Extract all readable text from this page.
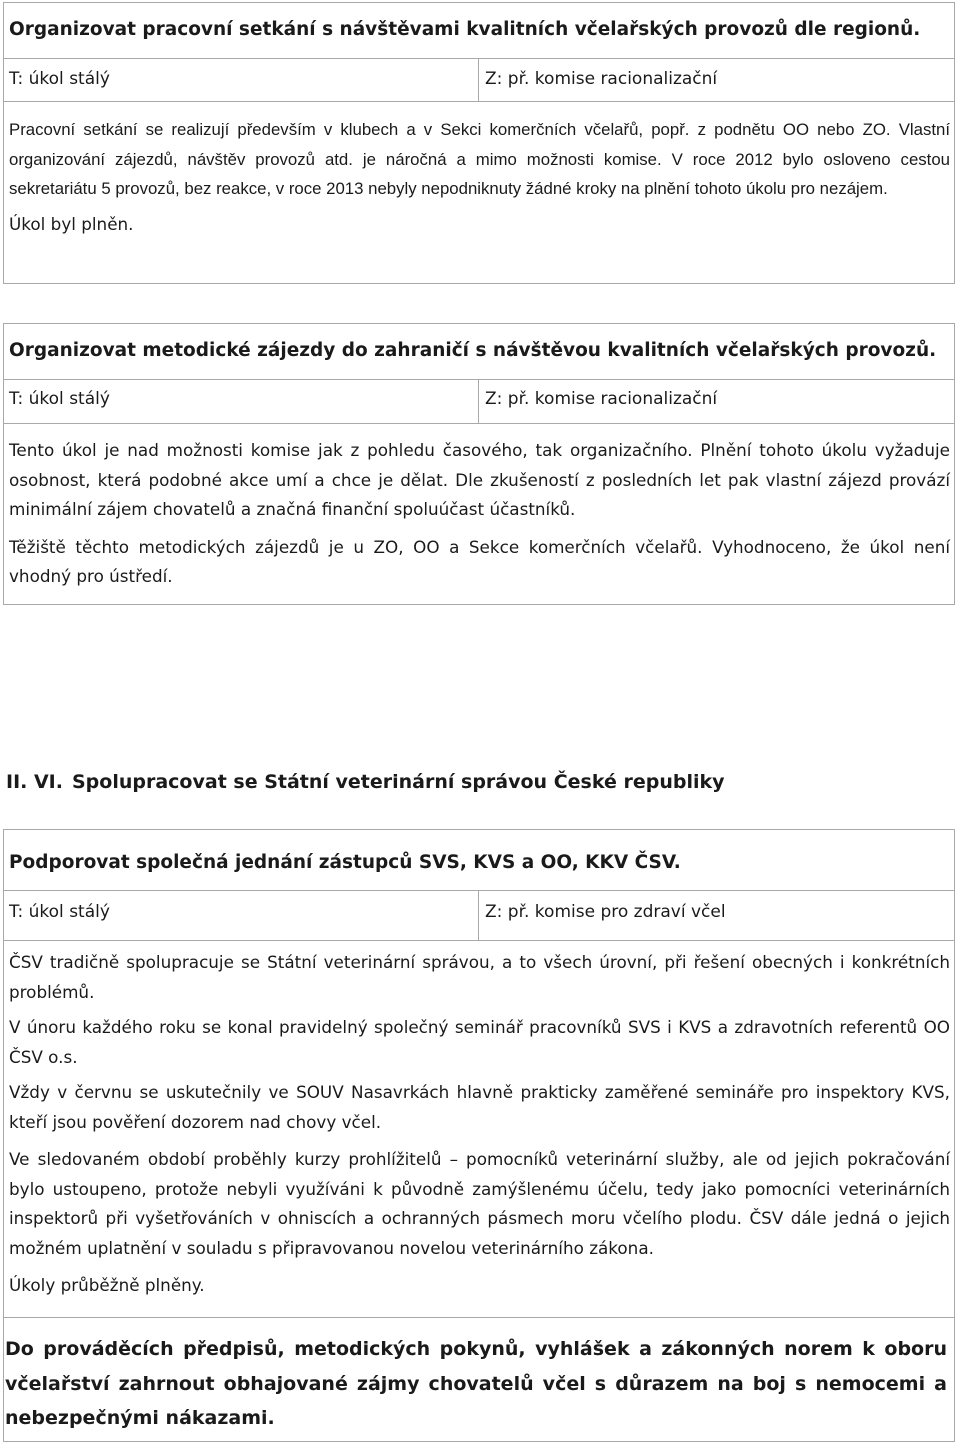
Organizovat pracovní setkání s návštěvami kvalitních včelařských provozů dle regionů.
T: úkol stálý	Z: př. komise racionalizační

Pracovní setkání se realizují především v klubech a v Sekci komerčních včelařů, popř. z podnětu OO nebo ZO. Vlastní organizování zájezdů, návštěv provozů atd. je náročná a mimo možnosti komise. V roce 2012 bylo osloveno cestou sekretariátu 5 provozů, bez reakce, v roce 2013 nebyly nepodniknuty žádné kroky na plnění tohoto úkolu pro nezájem.

Úkol byl plněn.

Organizovat metodické zájezdy do zahraničí s návštěvou kvalitních včelařských provozů.
T: úkol stálý	Z: př. komise racionalizační

Tento úkol je nad možnosti komise jak z pohledu časového, tak organizačního. Plnění tohoto úkolu vyžaduje osobnost, která podobné akce umí a chce je dělat. Dle zkušeností z posledních let pak vlastní zájezd provází minimální zájem chovatelů a značná finanční spoluúčast účastníků.

Těžiště těchto metodických zájezdů je u ZO, OO a Sekce komerčních včelařů. Vyhodnoceno, že úkol není vhodný pro ústředí.

II. VI. Spolupracovat se Státní veterinární správou České republiky
Podporovat společná jednání zástupců SVS, KVS a OO, KKV ČSV.
T: úkol stálý	Z: př. komise pro zdraví včel

ČSV tradičně spolupracuje se Státní veterinární správou, a to všech úrovní, při řešení obecných i konkrétních problémů.

V únoru každého roku se konal pravidelný společný seminář pracovníků SVS i KVS a zdravotních referentů OO ČSV o.s.

Vždy v červnu se uskutečnily ve SOUV Nasavrkách hlavně prakticky zaměřené semináře pro inspektory KVS, kteří jsou pověření dozorem nad chovy včel.

Ve sledovaném období proběhly kurzy prohlížitelů – pomocníků veterinární služby, ale od jejich pokračování bylo ustoupeno, protože nebyli využíváni k původně zamýšlenému účelu, tedy jako pomocníci veterinárních inspektorů při vyšetřováních v ohniscích a ochranných pásmech moru včelího plodu. ČSV dále jedná o jejich možném uplatnění v souladu s připravovanou novelou veterinárního zákona.

Úkoly průběžně plněny.

Do prováděcích předpisů, metodických pokynů, vyhlášek a zákonných norem k oboru včelařství zahrnout obhajované zájmy chovatelů včel s důrazem na boj s nemocemi a nebezpečnými nákazami.
